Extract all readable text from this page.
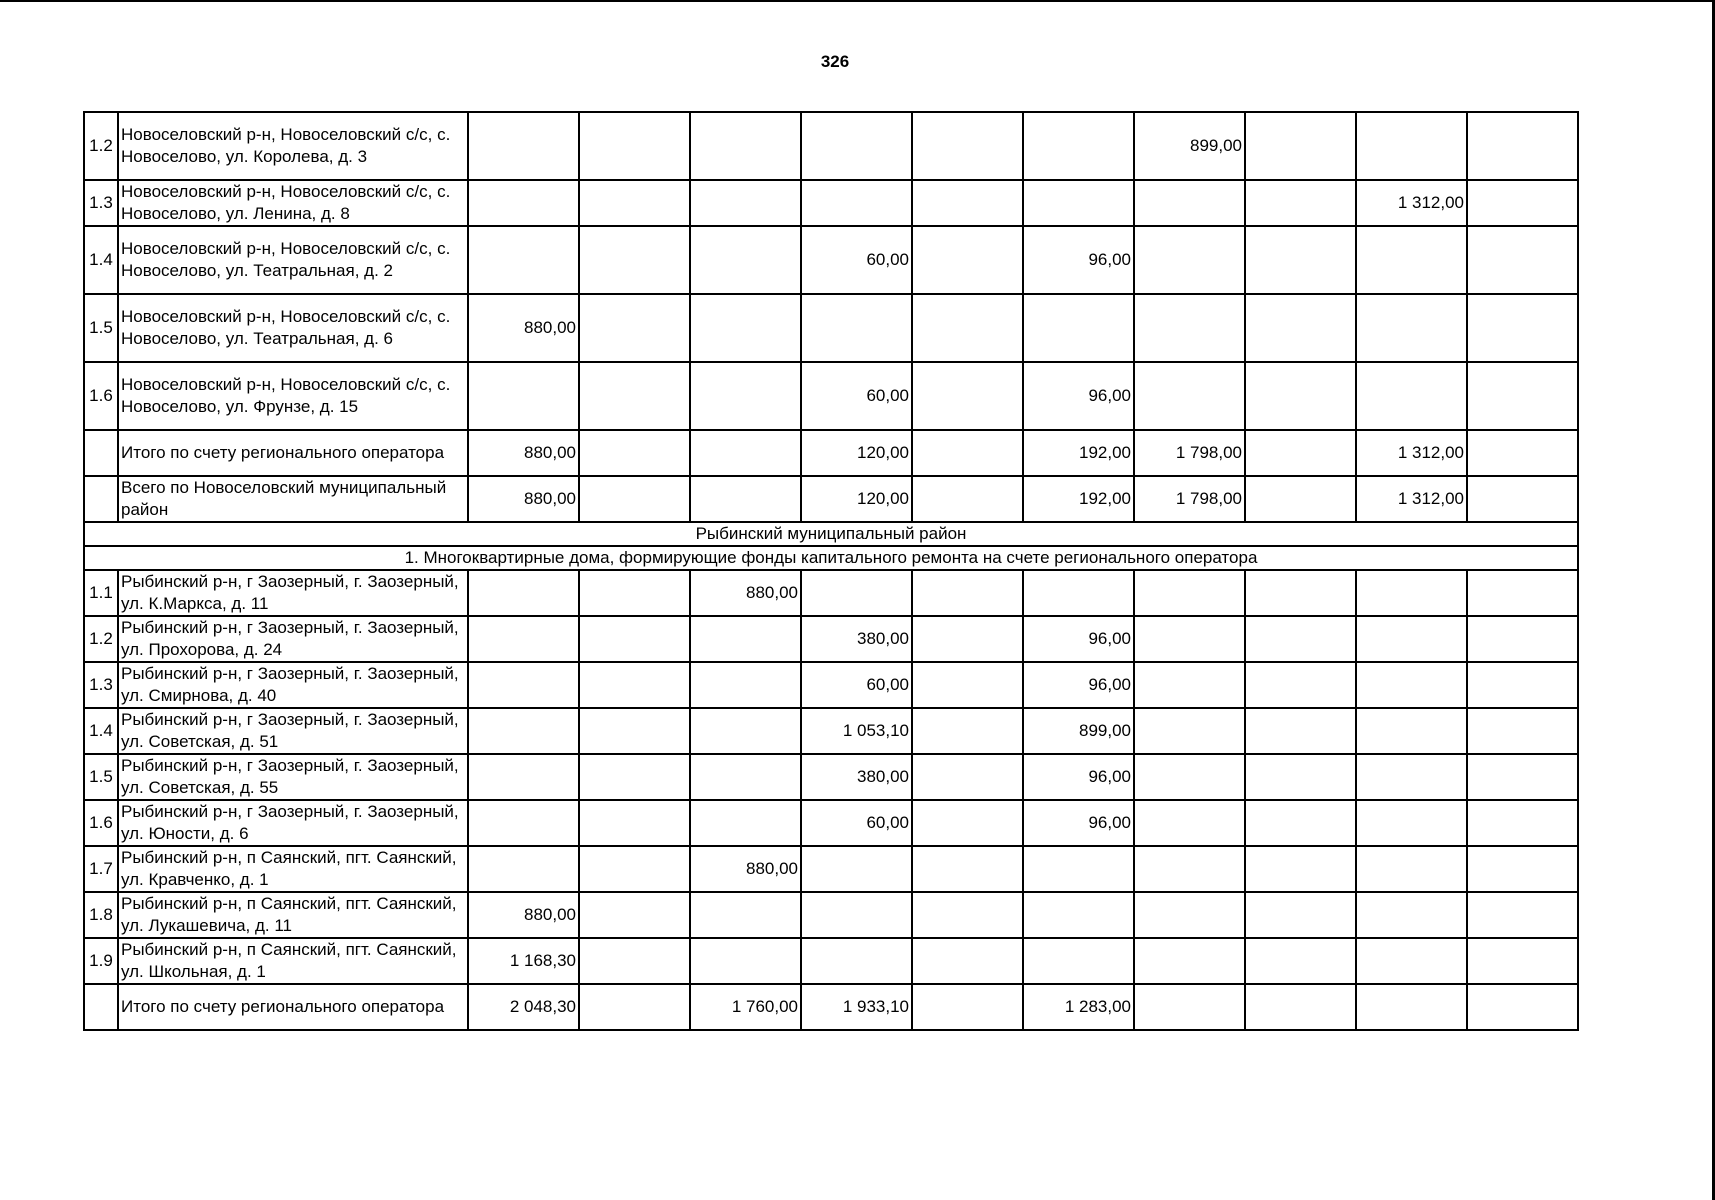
326
1.2	Новоселовский р-н, Новоселовский с/с, с. Новоселово, ул. Королева, д. 3							899,00			
1.3	Новоселовский р-н, Новоселовский с/с, с. Новоселово, ул. Ленина, д. 8									1 312,00	
1.4	Новоселовский р-н, Новоселовский с/с, с. Новоселово, ул. Театральная, д. 2				60,00		96,00				
1.5	Новоселовский р-н, Новоселовский с/с, с. Новоселово, ул. Театральная, д. 6	880,00									
1.6	Новоселовский р-н, Новоселовский с/с, с. Новоселово, ул. Фрунзе, д. 15				60,00		96,00				
	Итого по счету регионального оператора	880,00			120,00		192,00	1 798,00		1 312,00	
	Всего по Новоселовский муниципальный район	880,00			120,00		192,00	1 798,00		1 312,00	
Рыбинский муниципальный район											
1. Многоквартирные дома, формирующие фонды капитального ремонта на счете регионального оператора											
1.1	Рыбинский р-н, г Заозерный, г. Заозерный, ул. К.Маркса, д. 11			880,00							
1.2	Рыбинский р-н, г Заозерный, г. Заозерный, ул. Прохорова, д. 24				380,00		96,00				
1.3	Рыбинский р-н, г Заозерный, г. Заозерный, ул. Смирнова, д. 40				60,00		96,00				
1.4	Рыбинский р-н, г Заозерный, г. Заозерный, ул. Советская, д. 51				1 053,10		899,00				
1.5	Рыбинский р-н, г Заозерный, г. Заозерный, ул. Советская, д. 55				380,00		96,00				
1.6	Рыбинский р-н, г Заозерный, г. Заозерный, ул. Юности, д. 6				60,00		96,00				
1.7	Рыбинский р-н, п Саянский, пгт. Саянский, ул. Кравченко, д. 1			880,00							
1.8	Рыбинский р-н, п Саянский, пгт. Саянский, ул. Лукашевича, д. 11	880,00									
1.9	Рыбинский р-н, п Саянский, пгт. Саянский, ул. Школьная, д. 1	1 168,30									
	Итого по счету регионального оператора	2 048,30		1 760,00	1 933,10		1 283,00				
